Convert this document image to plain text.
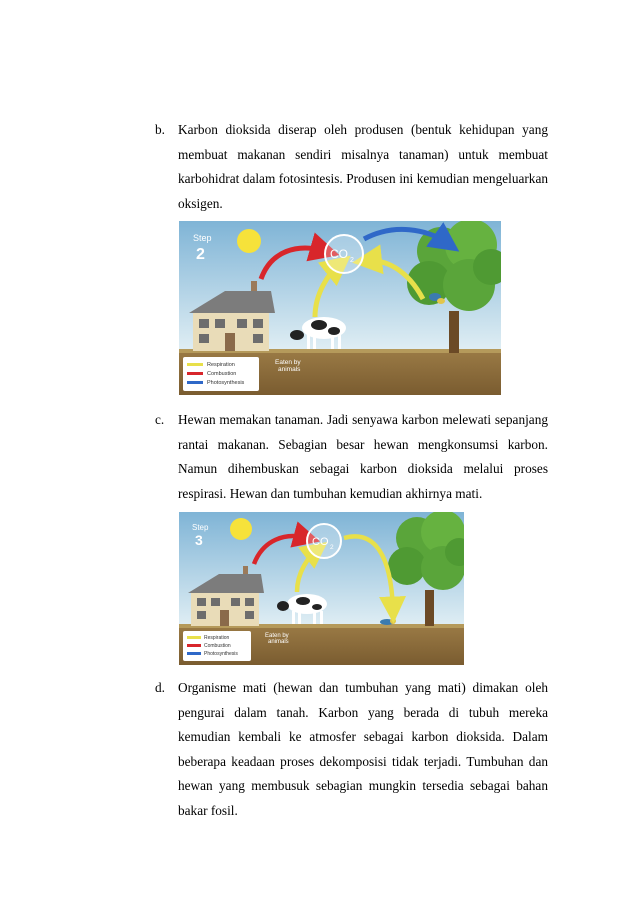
b. Karbon dioksida diserap oleh produsen (bentuk kehidupan yang membuat makanan sendiri misalnya tanaman) untuk membuat karbohidrat dalam fotosintesis. Produsen ini kemudian mengeluarkan oksigen.
Step
2	CO 2
Respiration
Combustion
Photosynthesis
Eaten by
animals
c. Hewan memakan tanaman. Jadi senyawa karbon melewati sepanjang rantai makanan. Sebagian besar hewan mengkonsumsi karbon. Namun dihembuskan sebagai karbon dioksida melalui proses respirasi. Hewan dan tumbuhan kemudian akhirnya mati.
Step
3	CO 2
Respiration
Combustion
Photosynthesis
Eaten by
animals
d. Organisme mati (hewan dan tumbuhan yang mati) dimakan oleh pengurai dalam tanah. Karbon yang berada di tubuh mereka kemudian kembali ke atmosfer sebagai karbon dioksida. Dalam beberapa keadaan proses dekomposisi tidak terjadi. Tumbuhan dan hewan yang membusuk sebagian mungkin tersedia sebagai bahan bakar fosil.
